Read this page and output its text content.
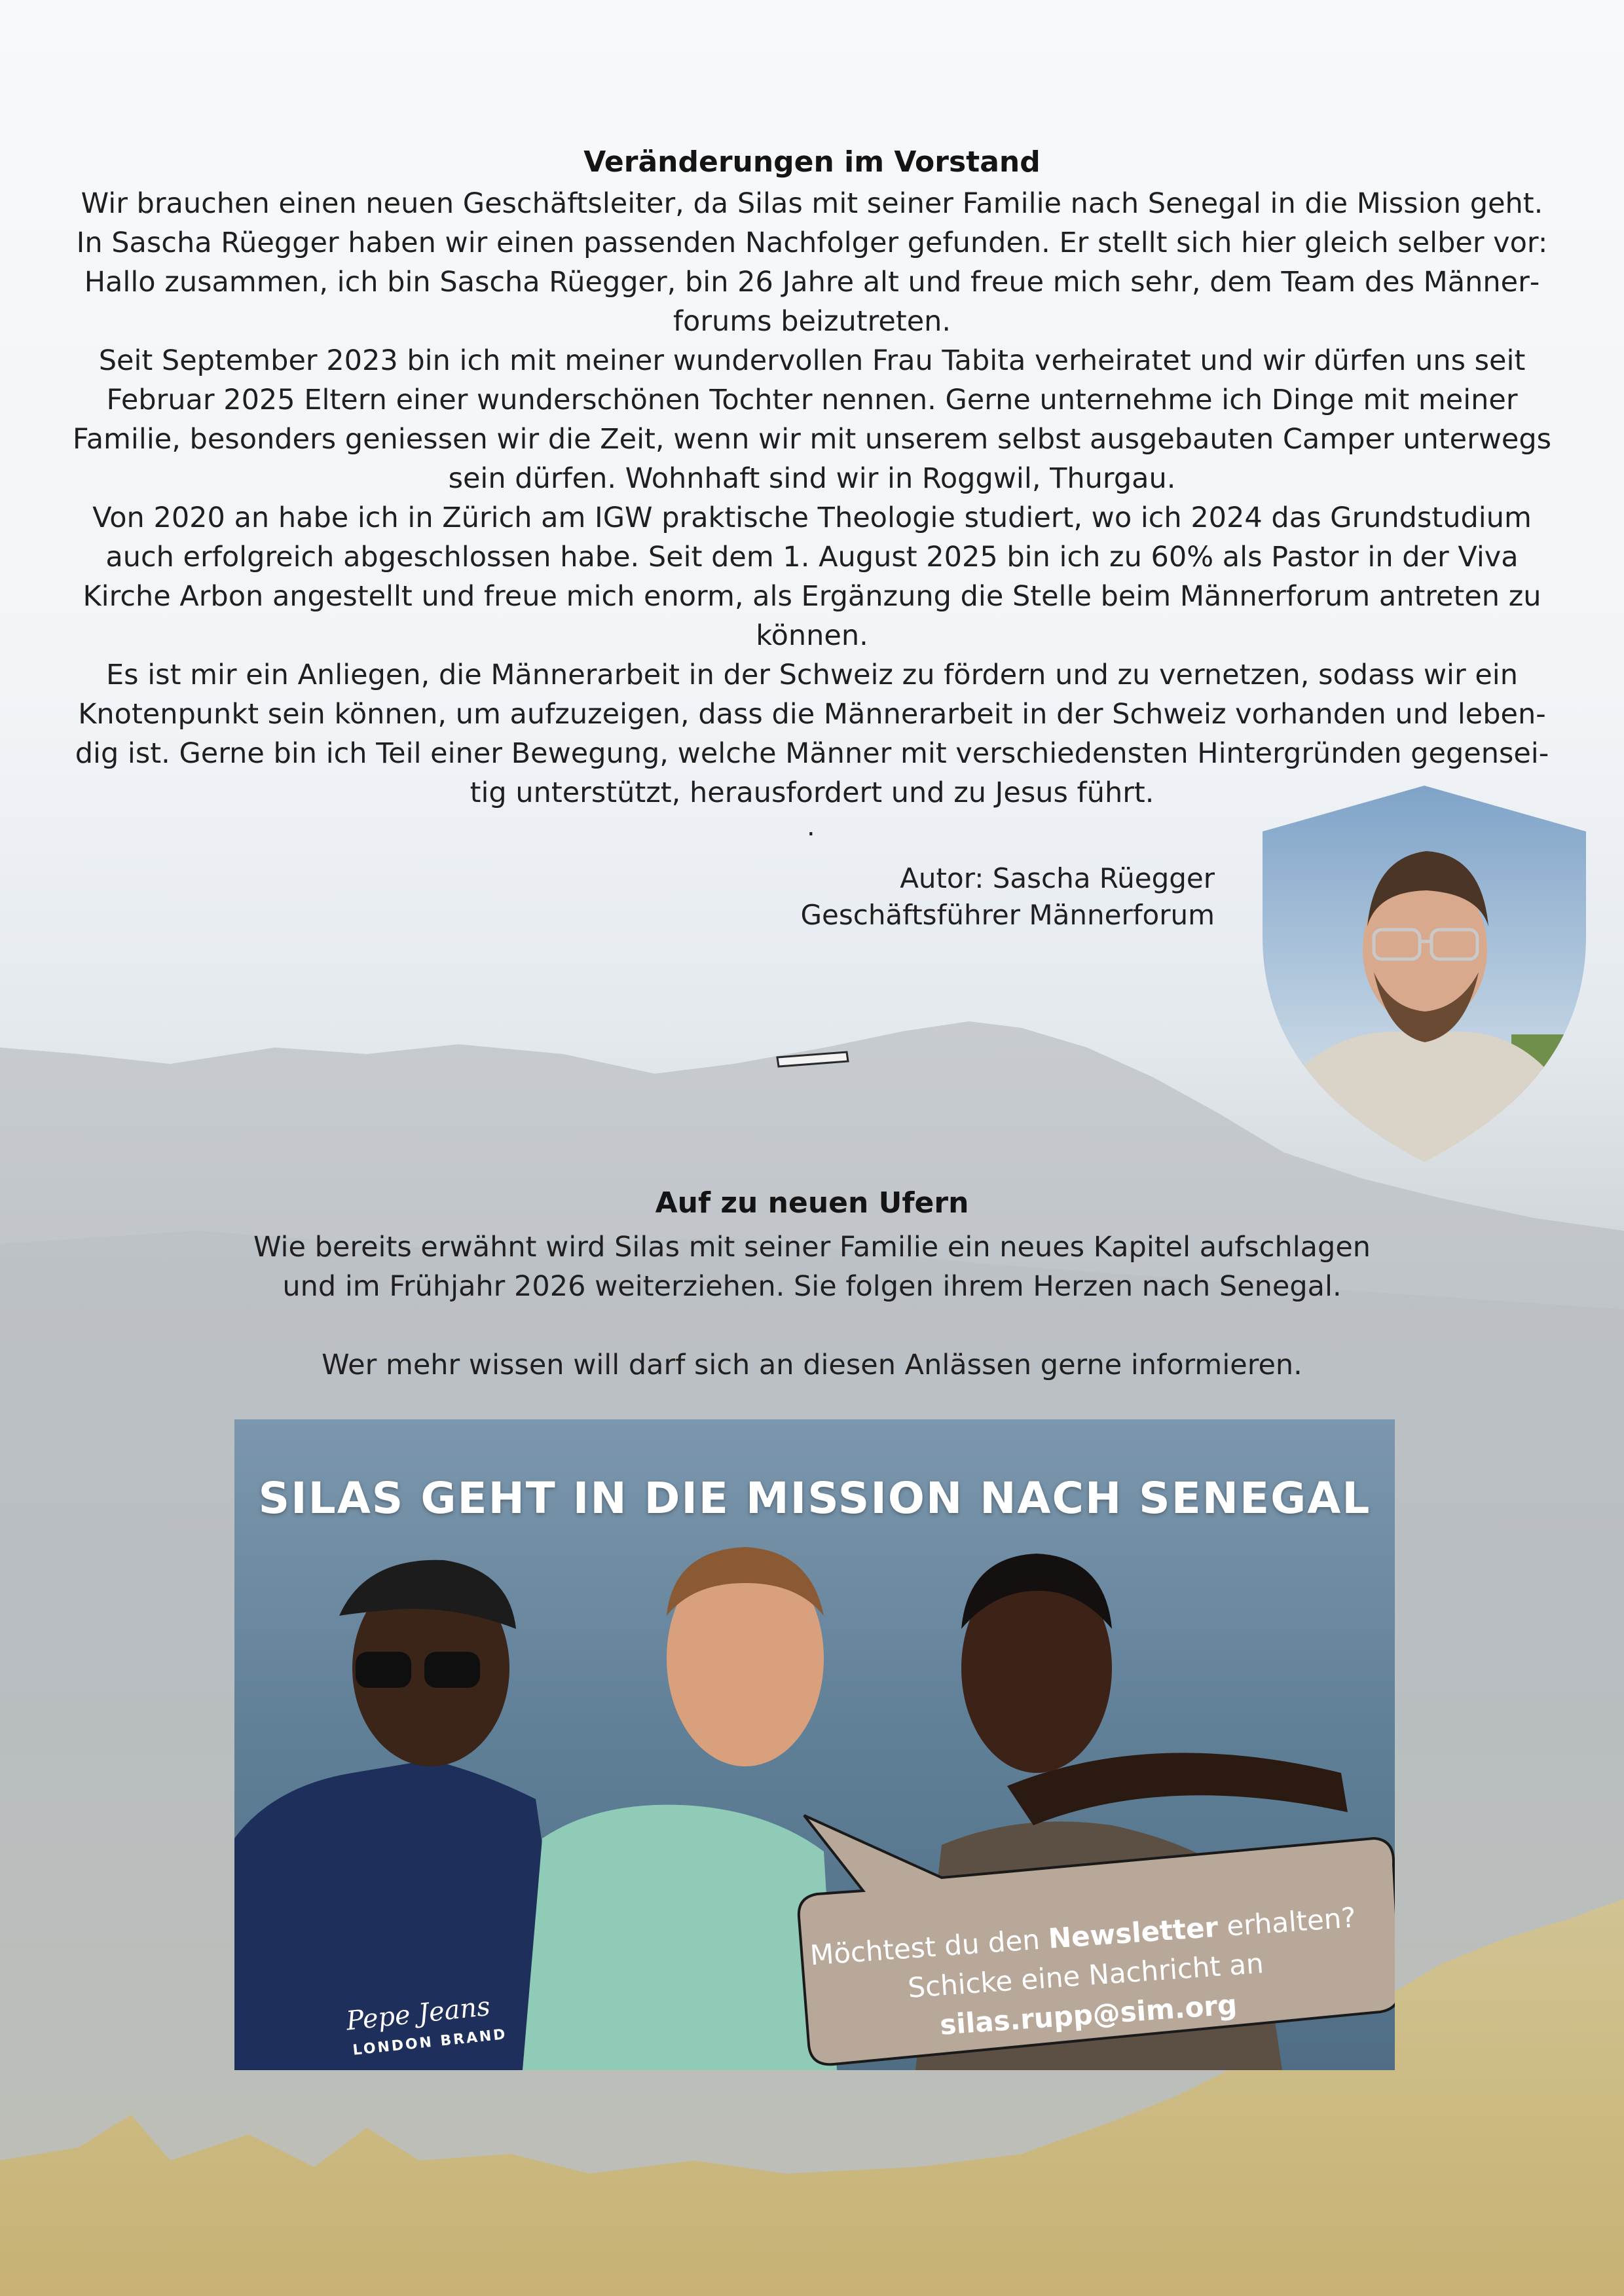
Veränderungen im Vorstand

Wir brauchen einen neuen Geschäftsleiter, da Silas mit seiner Familie nach Senegal in die Mission geht. In Sascha Rüegger haben wir einen passenden Nachfolger gefunden. Er stellt sich hier gleich selber vor: Hallo zusammen, ich bin Sascha Rüegger, bin 26 Jahre alt und freue mich sehr, dem Team des Männerforums beizutreten.

Seit September 2023 bin ich mit meiner wundervollen Frau Tabita verheiratet und wir dürfen uns seit Februar 2025 Eltern einer wunderschönen Tochter nennen. Gerne unternehme ich Dinge mit meiner Familie, besonders geniessen wir die Zeit, wenn wir mit unserem selbst ausgebauten Camper unterwegs sein dürfen. Wohnhaft sind wir in Roggwil, Thurgau.

Von 2020 an habe ich in Zürich am IGW praktische Theologie studiert, wo ich 2024 das Grundstudium auch erfolgreich abgeschlossen habe. Seit dem 1. August 2025 bin ich zu 60% als Pastor in der Viva Kirche Arbon angestellt und freue mich enorm, als Ergänzung die Stelle beim Männerforum antreten zu können.

Es ist mir ein Anliegen, die Männerarbeit in der Schweiz zu fördern und zu vernetzen, sodass wir ein Knotenpunkt sein können, um aufzuzeigen, dass die Männerarbeit in der Schweiz vorhanden und lebendig ist. Gerne bin ich Teil einer Bewegung, welche Männer mit verschiedensten Hintergründen gegenseitig unterstützt, herausfordert und zu Jesus führt.

.
Autor: Sascha Rüegger
Geschäftsführer Männerforum
Auf zu neuen Ufern

Wie bereits erwähnt wird Silas mit seiner Familie ein neues Kapitel aufschlagen und im Frühjahr 2026 weiterziehen. Sie folgen ihrem Herzen nach Senegal.

Wer mehr wissen will darf sich an diesen Anlässen gerne informieren.

SILAS GEHT IN DIE MISSION NACH SENEGAL
Möchtest du den Newsletter erhalten?
Schicke eine Nachricht an
silas.rupp@sim.org
Pepe Jeans
LONDON BRAND
